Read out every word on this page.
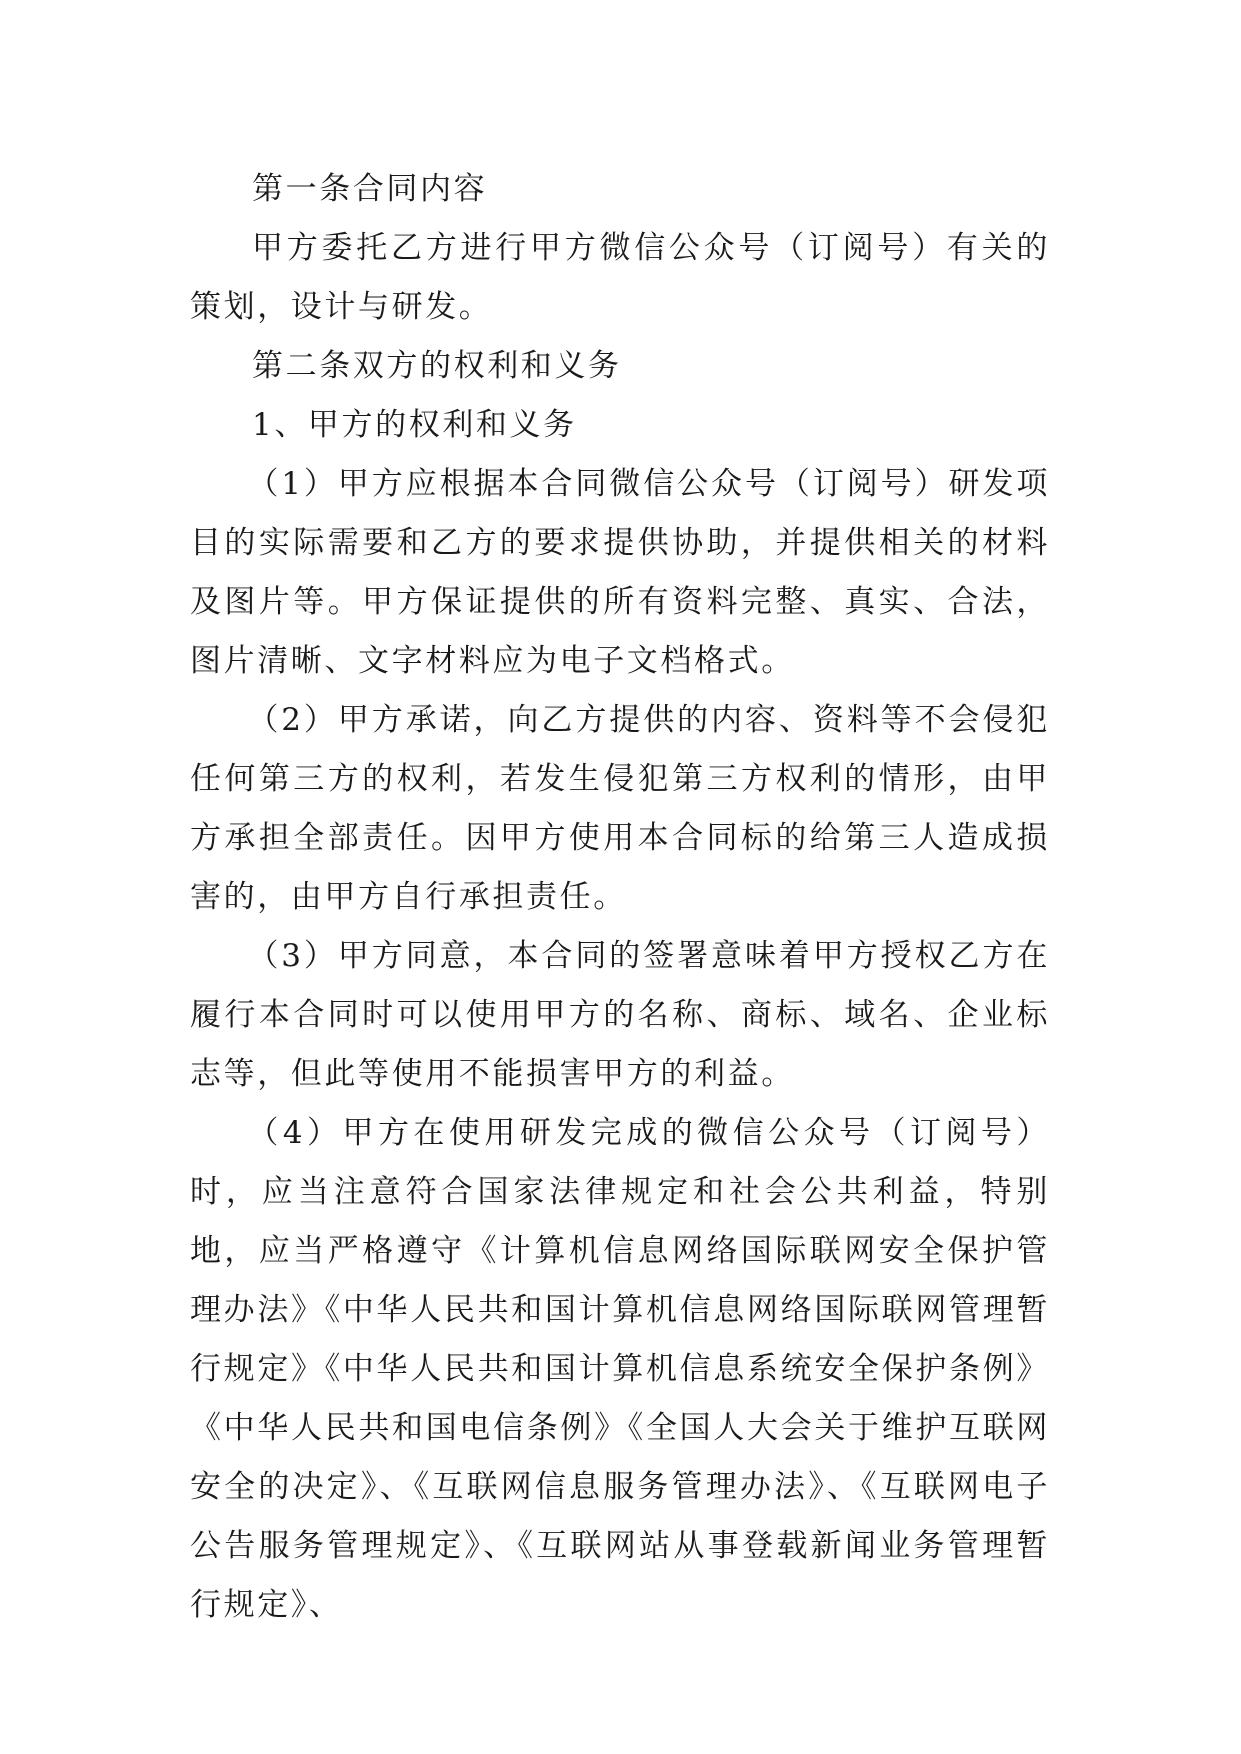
第一条合同内容

甲方委托乙方进行甲方微信公众号（订阅号）有关的策划，设计与研发。

第二条双方的权利和义务

1、甲方的权利和义务

（1）甲方应根据本合同微信公众号（订阅号）研发项目的实际需要和乙方的要求提供协助，并提供相关的材料及图片等。甲方保证提供的所有资料完整、真实、合法，图片清晰、文字材料应为电子文档格式。

（2）甲方承诺，向乙方提供的内容、资料等不会侵犯任何第三方的权利，若发生侵犯第三方权利的情形，由甲方承担全部责任。因甲方使用本合同标的给第三人造成损害的，由甲方自行承担责任。

（3）甲方同意，本合同的签署意味着甲方授权乙方在履行本合同时可以使用甲方的名称、商标、域名、企业标志等，但此等使用不能损害甲方的利益。

（4）甲方在使用研发完成的微信公众号（订阅号）时，应当注意符合国家法律规定和社会公共利益，特别地，应当严格遵守《计算机信息网络国际联网安全保护管理办法》《中华人民共和国计算机信息网络国际联网管理暂行规定》《中华人民共和国计算机信息系统安全保护条例》《中华人民共和国电信条例》《全国人大会关于维护互联网安全的决定》、《互联网信息服务管理办法》、《互联网电子公告服务管理规定》、《互联网站从事登载新闻业务管理暂行规定》、
